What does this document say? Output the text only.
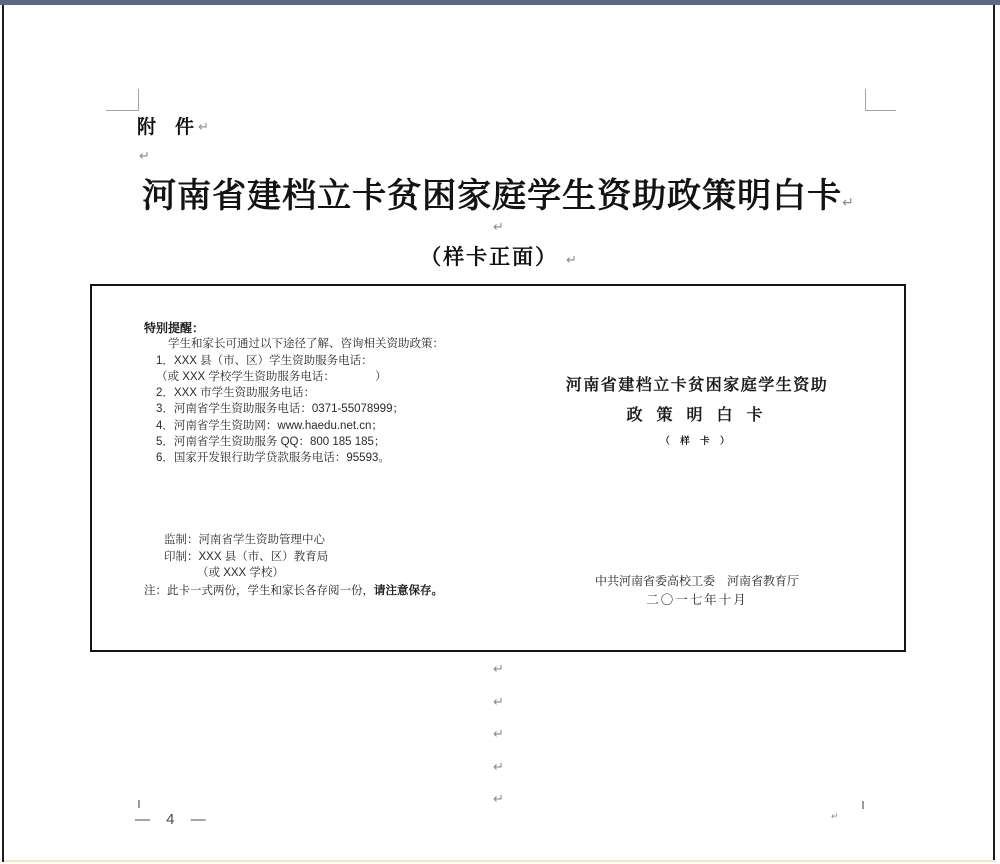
↵
附　件 ↵
↵
河南省建档立卡贫困家庭学生资助政策明白卡↵
↵
（样卡正面） ↵
特别提醒：
学生和家长可通过以下途径了解、咨询相关资助政策：
1．XXX 县（市、区）学生资助服务电话：
（或 XXX 学校学生资助服务电话：　　　　）
2．XXX 市学生资助服务电话：
3．河南省学生资助服务电话：0371-55078999；
4．河南省学生资助网：www.haedu.net.cn；
5．河南省学生资助服务 QQ：800 185 185；
6．国家开发银行助学贷款服务电话：95593。
监制：河南省学生资助管理中心
印制：XXX 县（市、区）教育局
（或 XXX 学校）
注：此卡一式两份，学生和家长各存阅一份，请注意保存。
河南省建档立卡贫困家庭学生资助
政 策 明 白 卡
（ 样 卡 ）
中共河南省委高校工委　河南省教育厅
二〇一七年十月
↵
↵
↵
↵
↵
— 4 —
